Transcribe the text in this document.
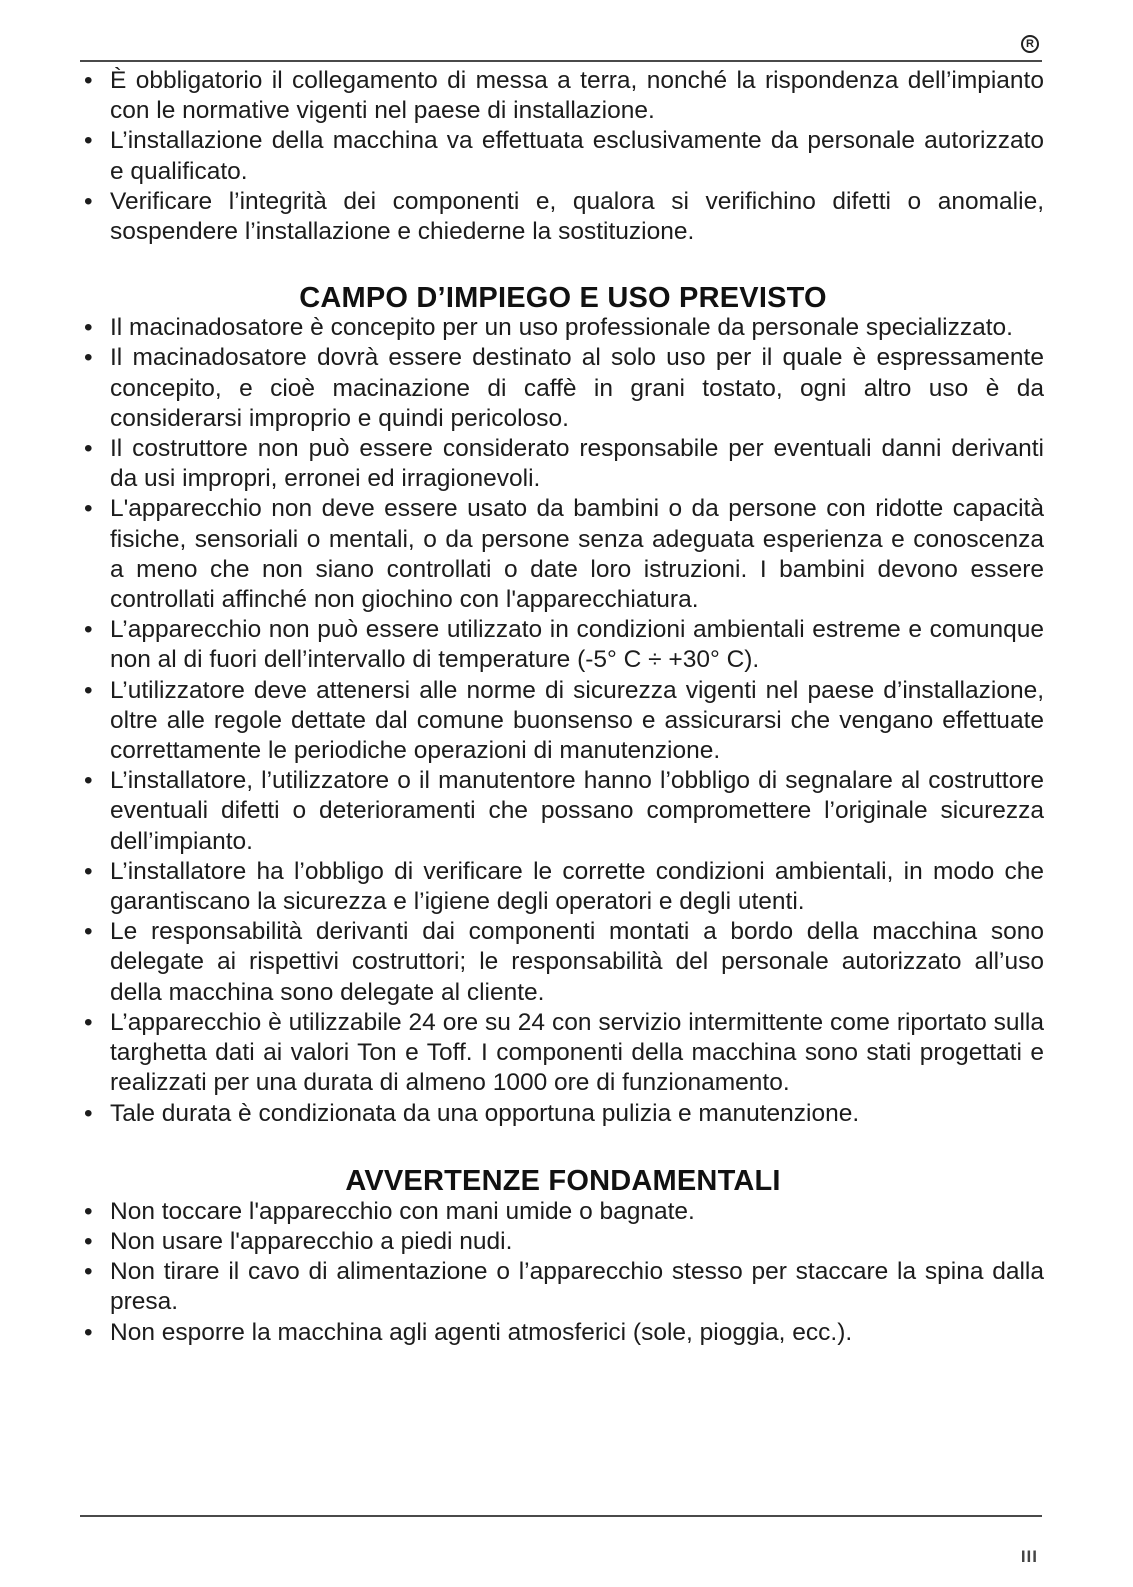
R
• È obbligatorio il collegamento di messa a terra, nonché la rispondenza dell’impianto con le normative vigenti nel paese di installazione.
• L’installazione della macchina va effettuata esclusivamente da personale autorizzato e qualificato.
• Verificare l’integrità dei componenti e, qualora si verifichino difetti o anomalie, sospendere l’installazione e chiederne la sostituzione.
CAMPO D’IMPIEGO E USO PREVISTO
• Il macinadosatore è concepito per un uso professionale da personale specializzato.
• Il macinadosatore dovrà essere destinato al solo uso per il quale è espressamente concepito, e cioè macinazione di caffè in grani tostato, ogni altro uso è da considerarsi improprio e quindi pericoloso.
• Il costruttore non può essere considerato responsabile per eventuali danni derivanti da usi impropri, erronei ed irragionevoli.
• L'apparecchio non deve essere usato da bambini o da persone con ridotte capacità fisiche, sensoriali o mentali, o da persone senza adeguata esperienza e conoscenza a meno che non siano controllati o date loro istruzioni. I bambini devono essere controllati affinché non giochino con l'apparecchiatura.
• L’apparecchio non può essere utilizzato in condizioni ambientali estreme e comunque non al di fuori dell’intervallo di temperature (-5° C ÷ +30° C).
• L’utilizzatore deve attenersi alle norme di sicurezza vigenti nel paese d’installazione, oltre alle regole dettate dal comune buonsenso e assicurarsi che vengano effettuate correttamente le periodiche operazioni di manutenzione.
• L’installatore, l’utilizzatore o il manutentore hanno l’obbligo di segnalare al costruttore eventuali difetti o deterioramenti che possano compromettere l’originale sicurezza dell’impianto.
• L’installatore ha l’obbligo di verificare le corrette condizioni ambientali, in modo che garantiscano la sicurezza e l’igiene degli operatori e degli utenti.
• Le responsabilità derivanti dai componenti montati a bordo della macchina sono delegate ai rispettivi costruttori; le responsabilità del personale autorizzato all’uso della macchina sono delegate al cliente.
• L’apparecchio è utilizzabile 24 ore su 24 con servizio intermittente come riportato sulla targhetta dati ai valori Ton e Toff. I componenti della macchina sono stati progettati e realizzati per una durata di almeno 1000 ore di funzionamento.
• Tale durata è condizionata da una opportuna pulizia e manutenzione.
AVVERTENZE FONDAMENTALI
• Non toccare l'apparecchio con mani umide o bagnate.
• Non usare l'apparecchio a piedi nudi.
• Non tirare il cavo di alimentazione o l’apparecchio stesso per staccare la spina dalla presa.
• Non esporre la macchina agli agenti atmosferici (sole, pioggia, ecc.).
III
